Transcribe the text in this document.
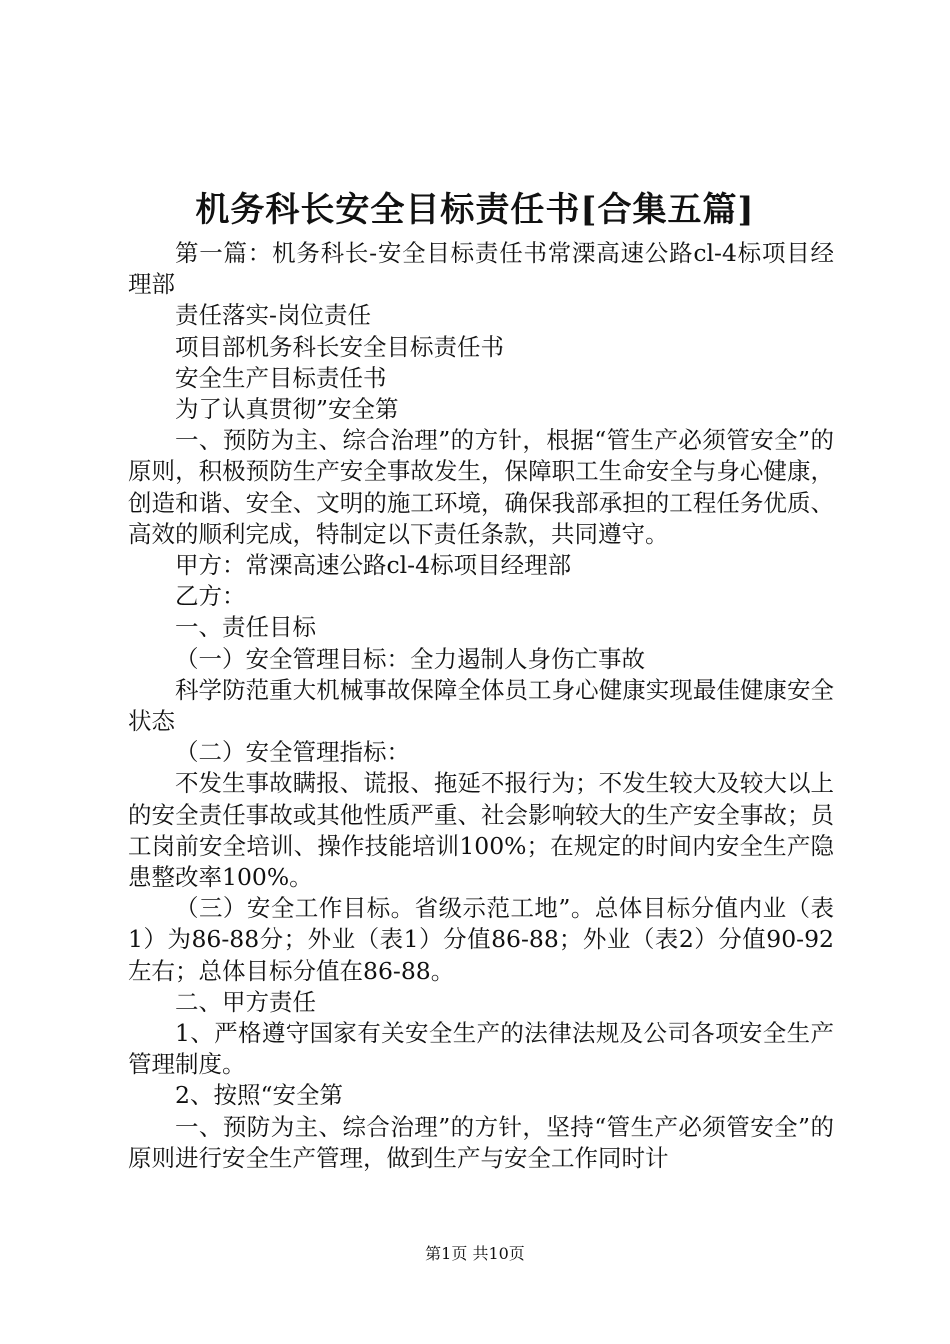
机务科长安全目标责任书[合集五篇]

第一篇：机务科长-安全目标责任书常溧高速公路cl-4标项目经理部

责任落实-岗位责任

项目部机务科长安全目标责任书

安全生产目标责任书

为了认真贯彻”安全第

一、预防为主、综合治理”的方针，根据“管生产必须管安全”的原则，积极预防生产安全事故发生，保障职工生命安全与身心健康，创造和谐、安全、文明的施工环境，确保我部承担的工程任务优质、高效的顺利完成，特制定以下责任条款，共同遵守。

甲方：常溧高速公路cl-4标项目经理部

乙方：

一、责任目标

（一）安全管理目标：全力遏制人身伤亡事故

科学防范重大机械事故保障全体员工身心健康实现最佳健康安全状态

（二）安全管理指标：

不发生事故瞒报、谎报、拖延不报行为；不发生较大及较大以上的安全责任事故或其他性质严重、社会影响较大的生产安全事故；员工岗前安全培训、操作技能培训100%；在规定的时间内安全生产隐患整改率100%。

（三）安全工作目标。省级示范工地”。总体目标分值内业（表1）为86-88分；外业（表1）分值86-88；外业（表2）分值90-92左右；总体目标分值在86-88。

二、甲方责任

1、严格遵守国家有关安全生产的法律法规及公司各项安全生产管理制度。

2、按照“安全第

一、预防为主、综合治理”的方针，坚持“管生产必须管安全”的原则进行安全生产管理，做到生产与安全工作同时计

第1页 共10页
